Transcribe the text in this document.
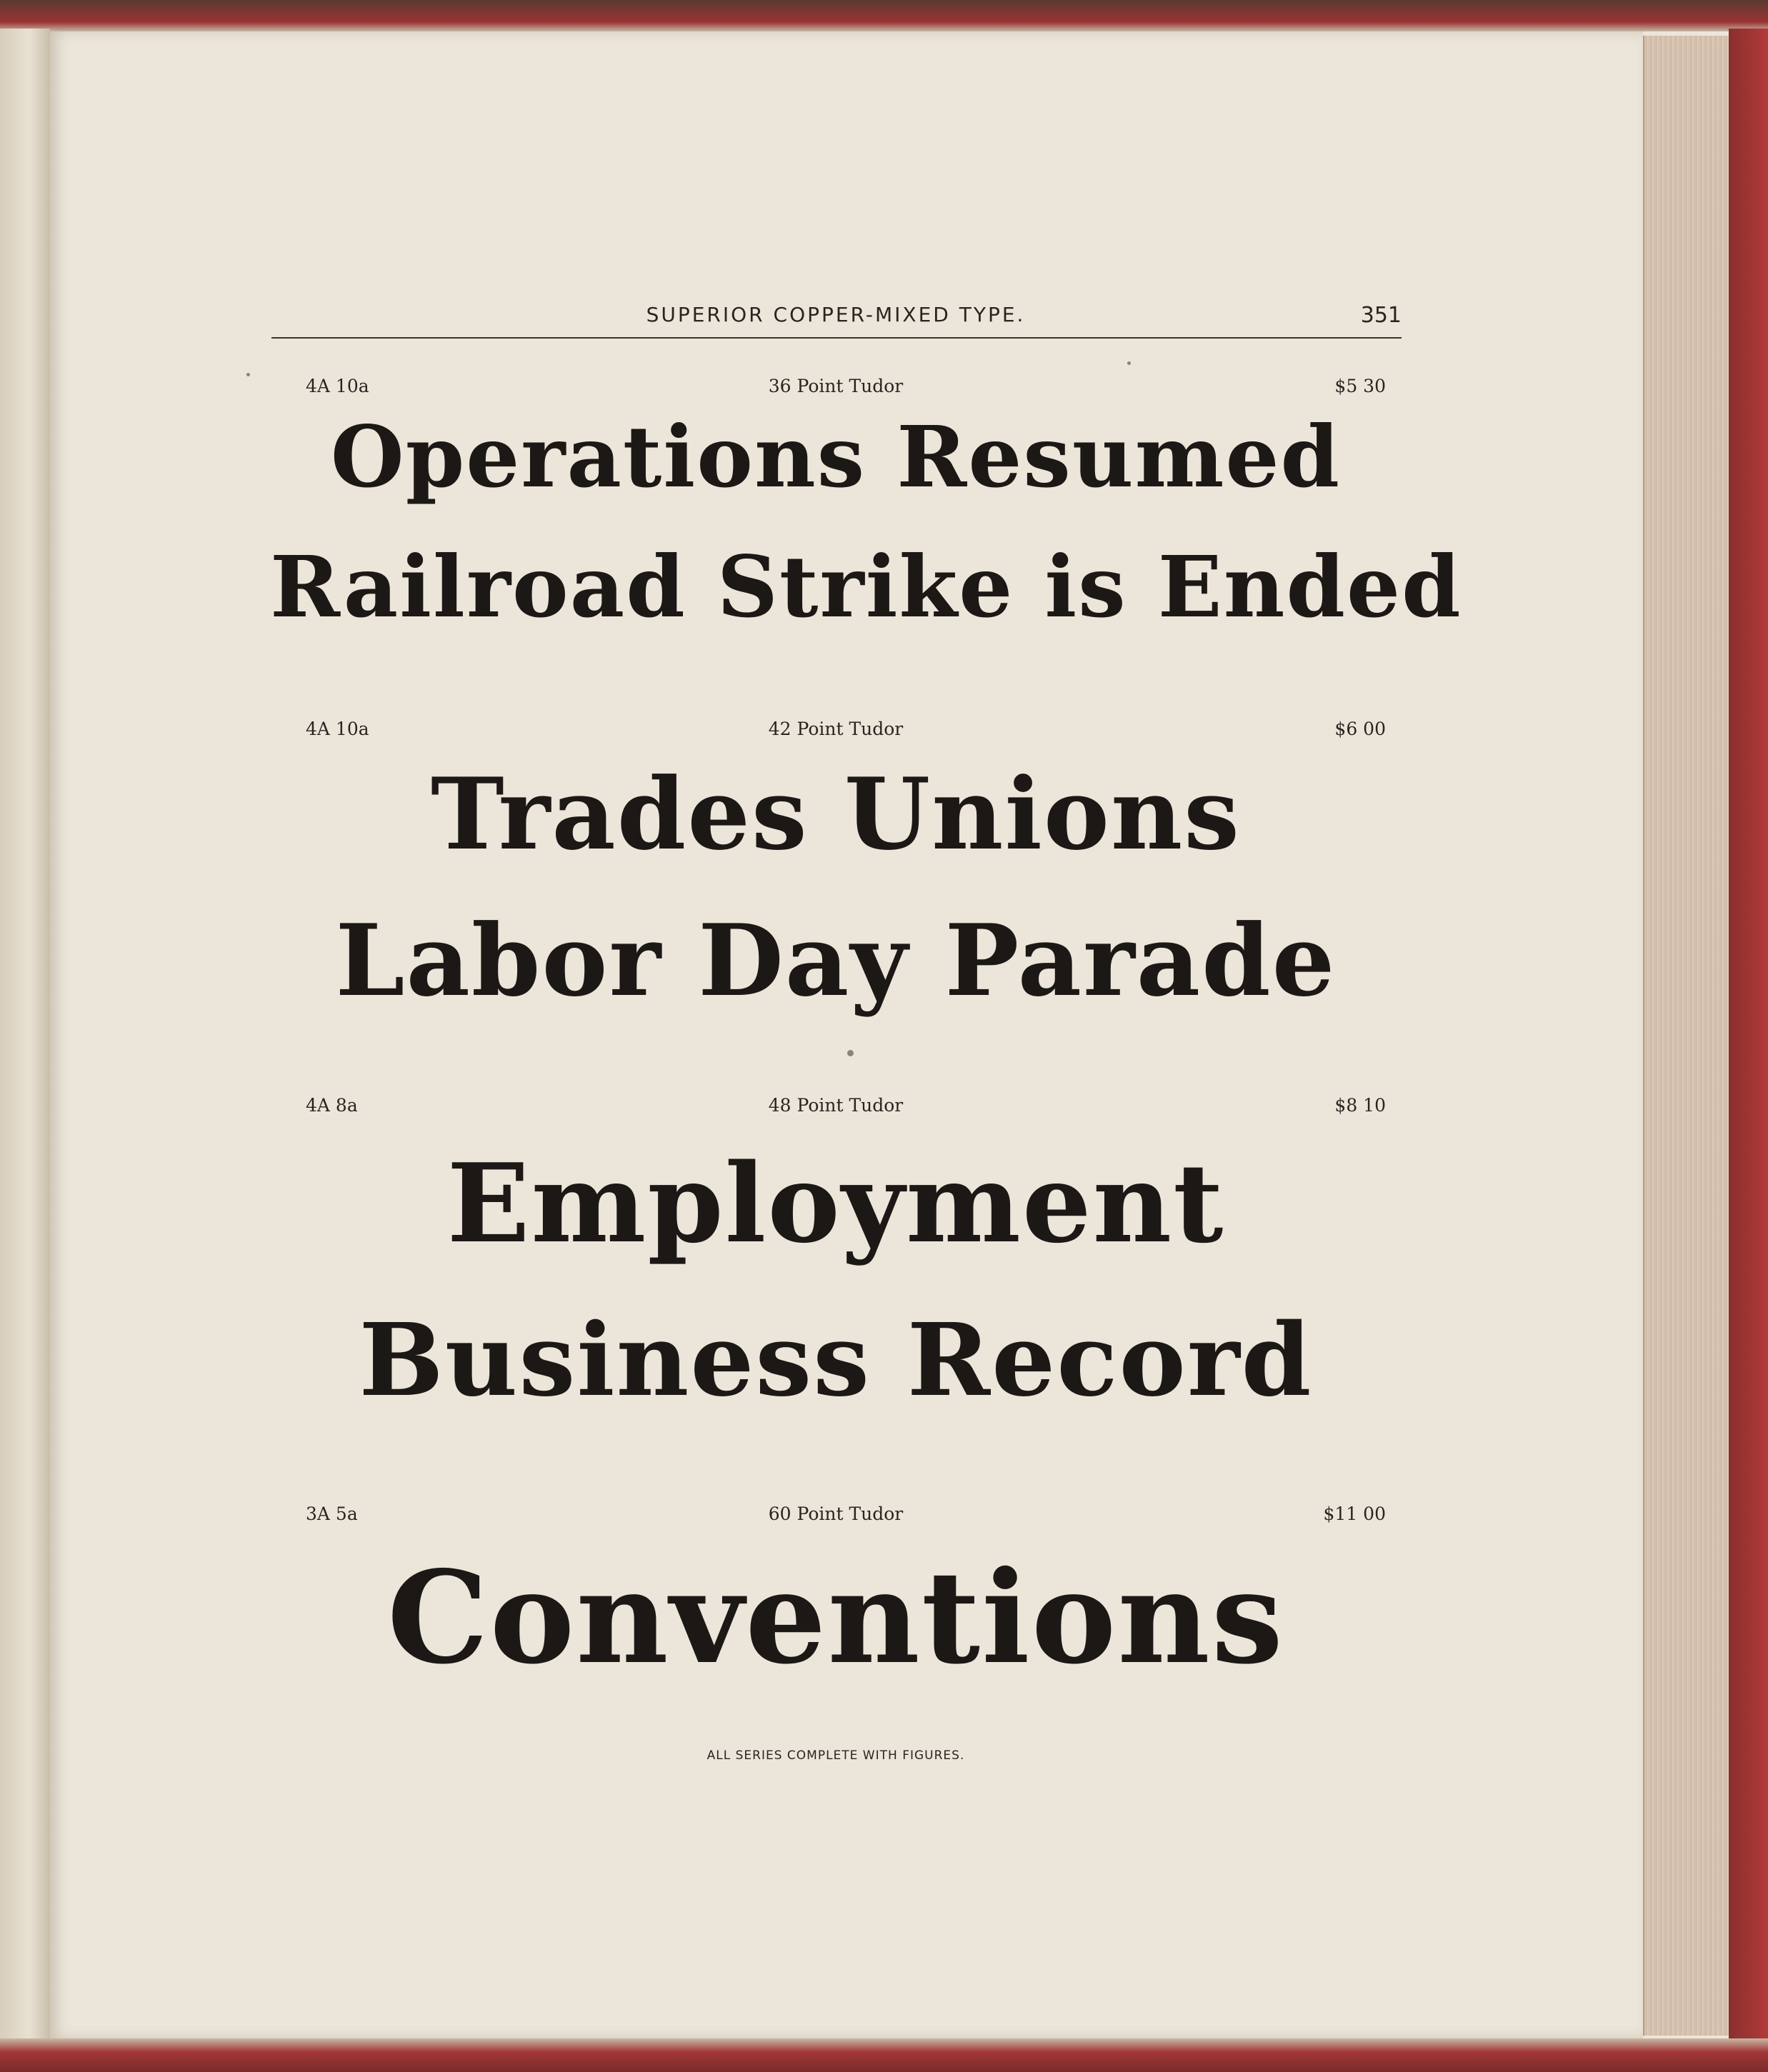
SUPERIOR COPPER-MIXED TYPE.	351
4A 10a	36 Point Tudor	$5 30
Operations Resumed
Railroad Strike is Ended
4A 10a	42 Point Tudor	$6 00
Trades Unions
Labor Day Parade
4A 8a	48 Point Tudor	$8 10
Employment
Business Record
3A 5a	60 Point Tudor	$11 00
Conventions
ALL SERIES COMPLETE WITH FIGURES.
